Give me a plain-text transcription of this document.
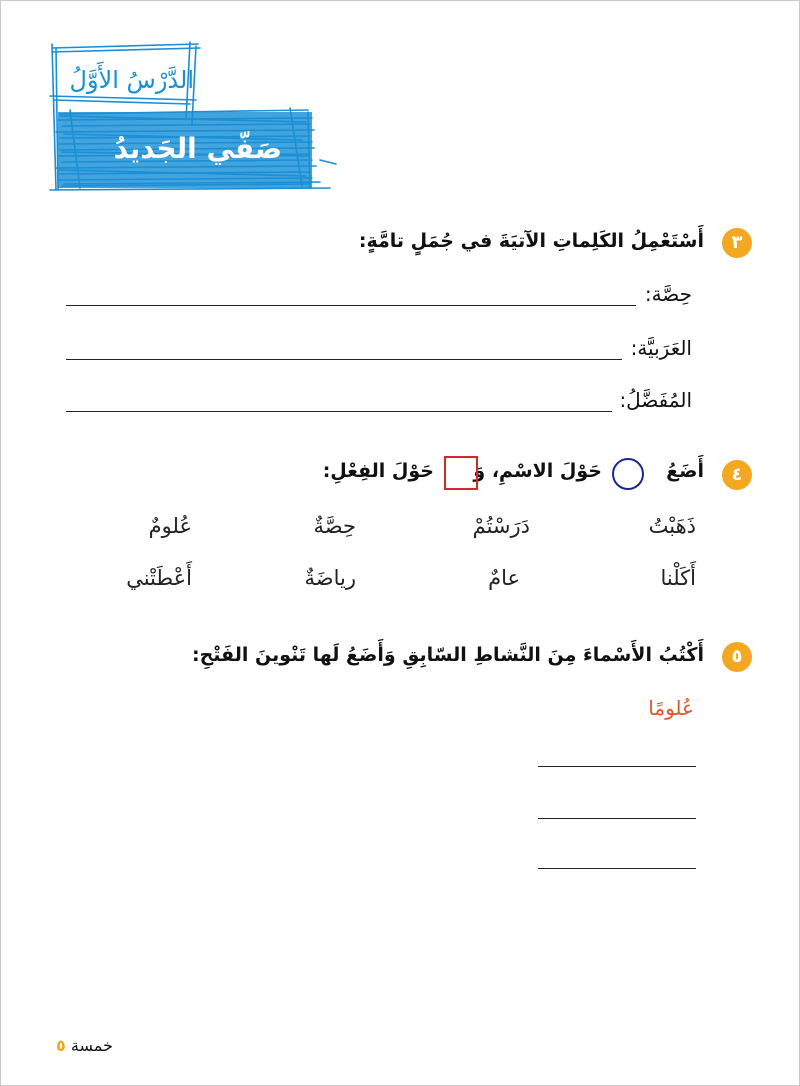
الدَّرْسُ الأَوَّلُ
صَفّي الجَديدُ
٣
أَسْتَعْمِلُ الكَلِماتِ الآتيَةَ في جُمَلٍ تامَّةٍ:
حِصَّة:
العَرَبيَّة:
المُفَضَّلُ:
٤
أَضَعُ
حَوْلَ الاسْمِ، وَ
حَوْلَ الفِعْلِ:
ذَهَبْتُ
دَرَسْتُمْ
حِصَّةٌ
عُلومٌ
أَكَلْنا
عامٌ
رياضَةٌ
أَعْطَتْني
٥
أَكْتُبُ الأَسْماءَ مِنَ النَّشاطِ السّابِقِ وَأَضَعُ لَها تَنْوينَ الفَتْحِ:
عُلومًا
خمسة ٥
